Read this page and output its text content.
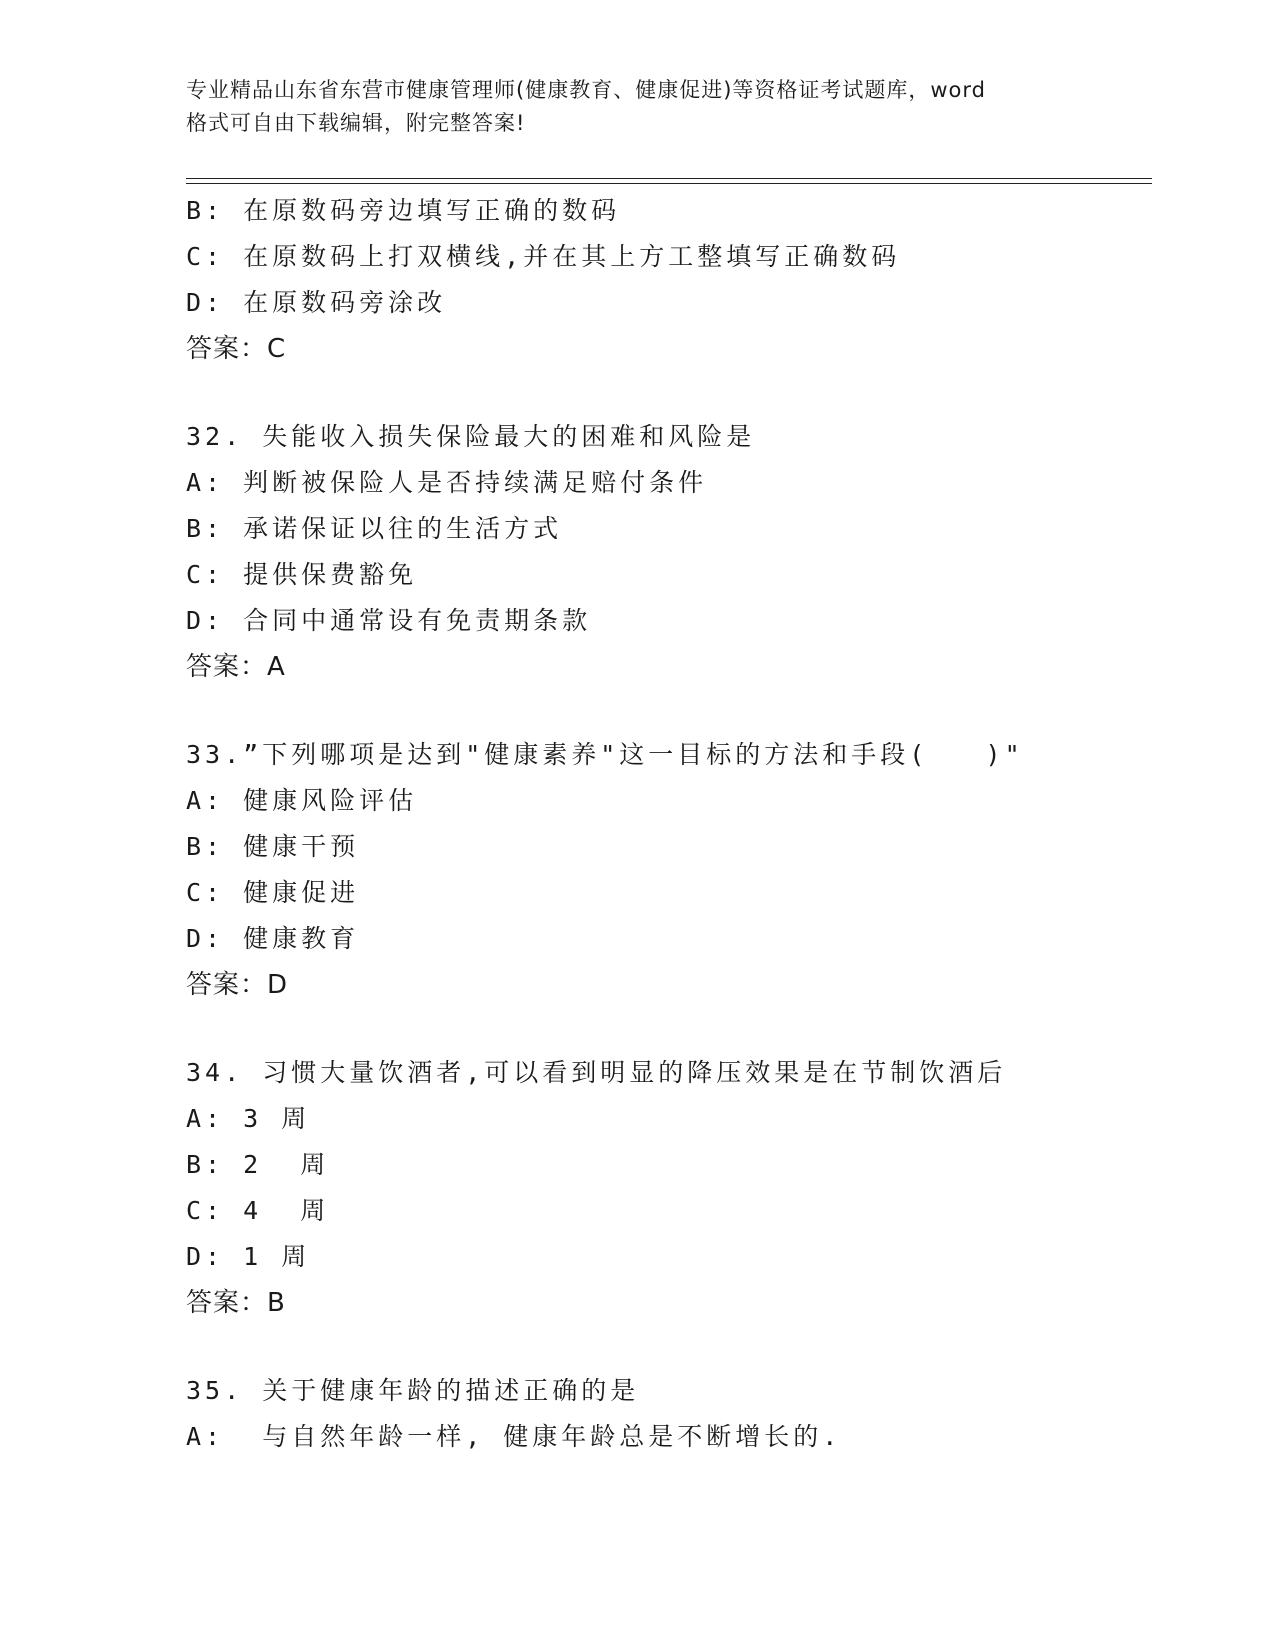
专业精品山东省东营市健康管理师(健康教育、健康促进)等资格证考试题库，word
格式可自由下载编辑，附完整答案!
B: 在原数码旁边填写正确的数码
C: 在原数码上打双横线,并在其上方工整填写正确数码
D: 在原数码旁涂改
答案：C
32. 失能收入损失保险最大的困难和风险是
A: 判断被保险人是否持续满足赔付条件
B: 承诺保证以往的生活方式
C: 提供保费豁免
D: 合同中通常设有免责期条款
答案：A
33.”下列哪项是达到"健康素养"这一目标的方法和手段(   )"
A: 健康风险评估
B: 健康干预
C: 健康促进
D: 健康教育
答案：D
34. 习惯大量饮酒者,可以看到明显的降压效果是在节制饮酒后
A: 3 周
B: 2  周
C: 4  周
D: 1 周
答案：B
35. 关于健康年龄的描述正确的是
A:  与自然年龄一样, 健康年龄总是不断增长的.
